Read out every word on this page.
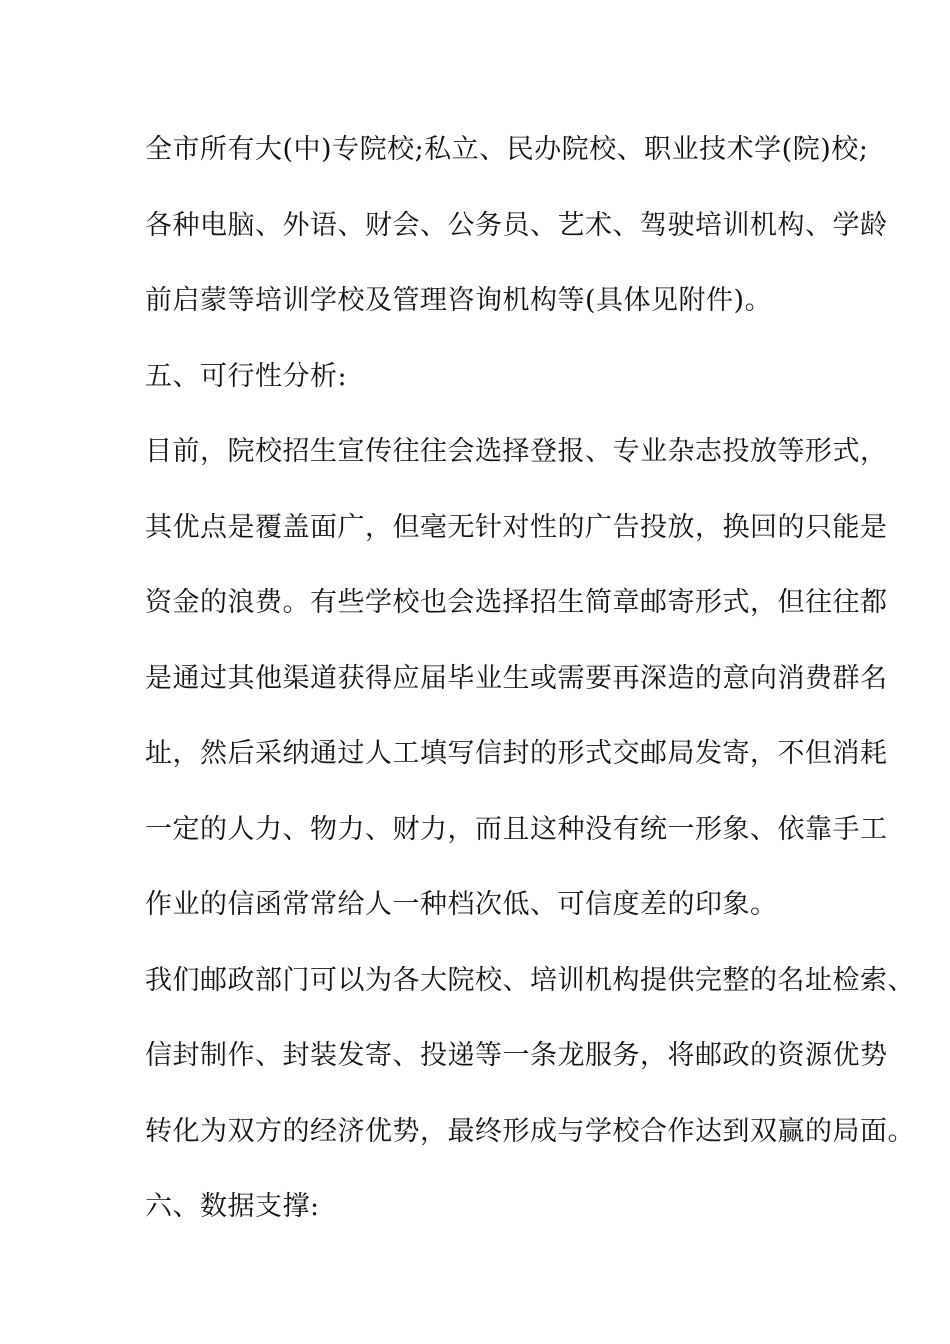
全市所有大(中)专院校;私立、民办院校、职业技术学(院)校;
各种电脑、外语、财会、公务员、艺术、驾驶培训机构、学龄
前启蒙等培训学校及管理咨询机构等(具体见附件)。
五、可行性分析:
目前，院校招生宣传往往会选择登报、专业杂志投放等形式，
其优点是覆盖面广，但毫无针对性的广告投放，换回的只能是
资金的浪费。有些学校也会选择招生简章邮寄形式，但往往都
是通过其他渠道获得应届毕业生或需要再深造的意向消费群名
址，然后采纳通过人工填写信封的形式交邮局发寄，不但消耗
一定的人力、物力、财力，而且这种没有统一形象、依靠手工
作业的信函常常给人一种档次低、可信度差的印象。
我们邮政部门可以为各大院校、培训机构提供完整的名址检索、
信封制作、封装发寄、投递等一条龙服务，将邮政的资源优势
转化为双方的经济优势，最终形成与学校合作达到双赢的局面。
六、数据支撑:
